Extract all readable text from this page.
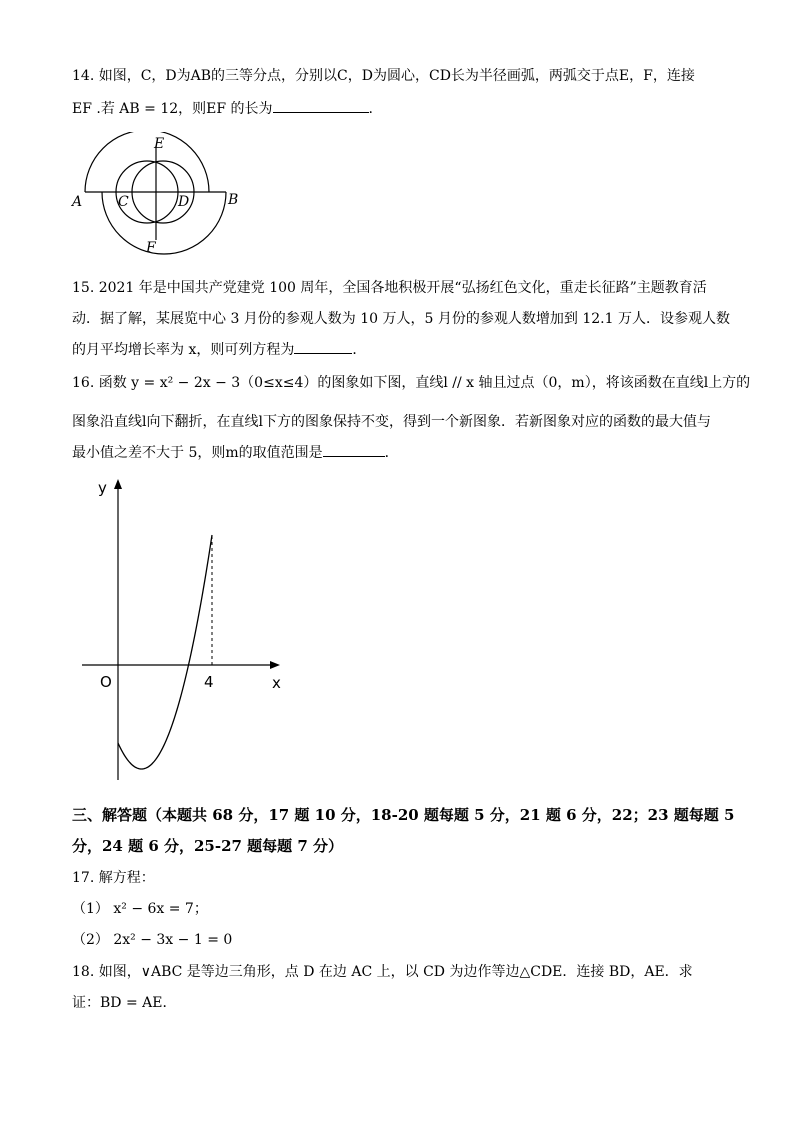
14. 如图，C，D为AB的三等分点，分别以C，D为圆心，CD长为半径画弧，两弧交于点E，F，连接
EF .若 AB = 12，则EF 的长为	.
A	C	D	B
E
F
15. 2021 年是中国共产党建党 100 周年，全国各地积极开展“弘扬红色文化，重走长征路”主题教育活
动．据了解，某展览中心 3 月份的参观人数为 10 万人，5 月份的参观人数增加到 12.1 万人．设参观人数
的月平均增长率为 x，则可列方程为	．
16. 函数 y = x² − 2x − 3（0≤x≤4）的图象如下图，直线l // x 轴且过点（0，m），将该函数在直线l上方的
图象沿直线l向下翻折，在直线l下方的图象保持不变，得到一个新图象．若新图象对应的函数的最大值与
最小值之差不大于 5，则m的取值范围是	．
y
O	4	x
三、解答题（本题共 68 分，17 题 10 分，18-20 题每题 5 分，21 题 6 分，22；23 题每题 5
分，24 题 6 分，25-27 题每题 7 分）
17. 解方程：
（1） x² − 6x = 7；
（2） 2x² − 3x − 1 = 0
18. 如图，∨ABC 是等边三角形，点 D 在边 AC 上，以 CD 为边作等边△CDE．连接 BD，AE．求
证：BD = AE．
